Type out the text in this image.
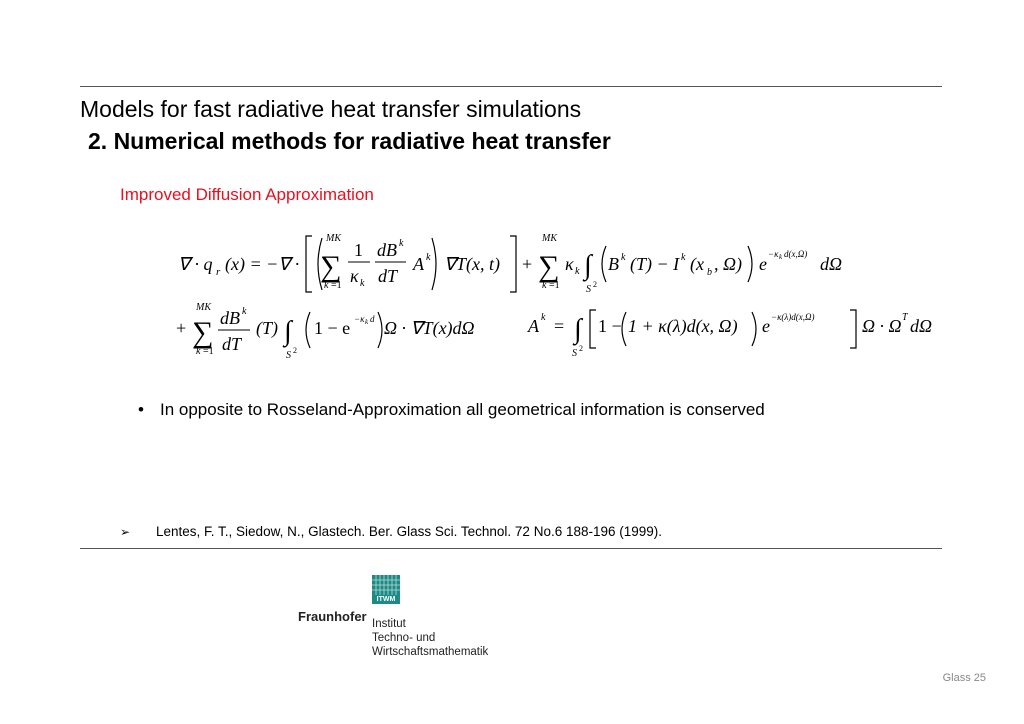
Models for fast radiative heat transfer simulations
2. Numerical methods for radiative heat transfer
Improved Diffusion Approximation
∇ · q r (x) = −∇ ·
MK
∑
k =1
1
κ k
dB k
dT
A k ∇T(x, t) +
MK
∑
k =1
κ k ∫
S 2
B k (T) − I k (x b , Ω) e −κ k d(x,Ω) dΩ
+
MK
∑
k =1
dB k
dT
(T) ∫
S 2
1 − e −κ k d Ω · ∇T(x)dΩ	A k = ∫
S 2
1 − 1 + κ(λ)d(x, Ω) e −κ(λ)d(x,Ω)	Ω · Ω T dΩ
• In opposite to Rosseland-Approximation all geometrical information is conserved
➢ Lentes, F. T., Siedow, N., Glastech. Ber. Glass Sci. Technol. 72 No.6 188-196 (1999).
ITWM
Fraunhofer Institut
Techno- und
Wirtschaftsmathematik
Glass 25
